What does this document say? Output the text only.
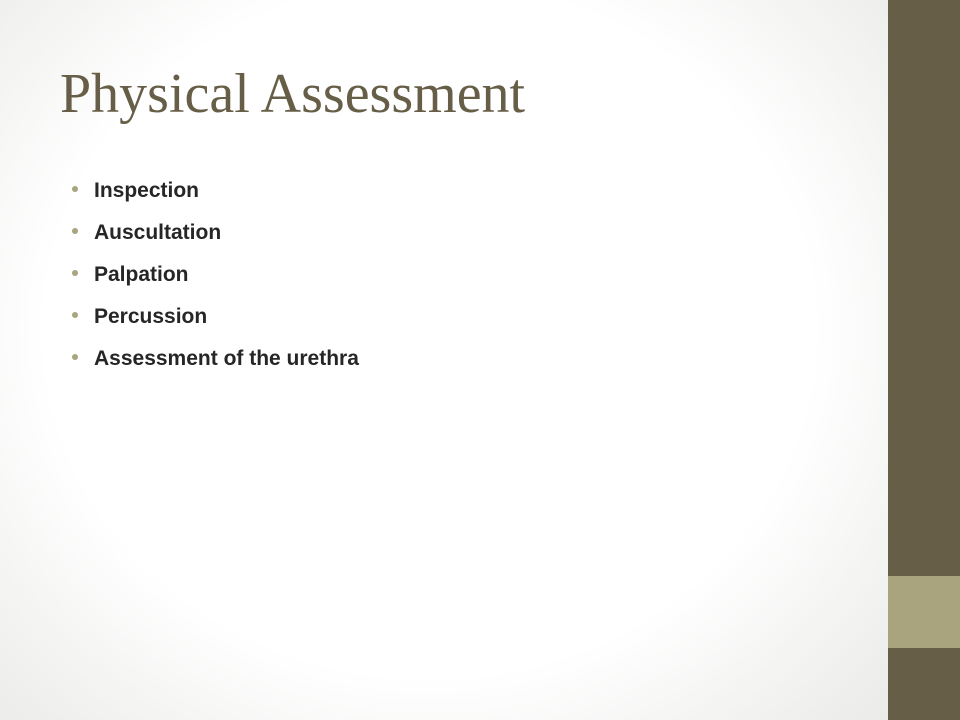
Physical Assessment
Inspection
Auscultation
Palpation
Percussion
Assessment of the urethra
